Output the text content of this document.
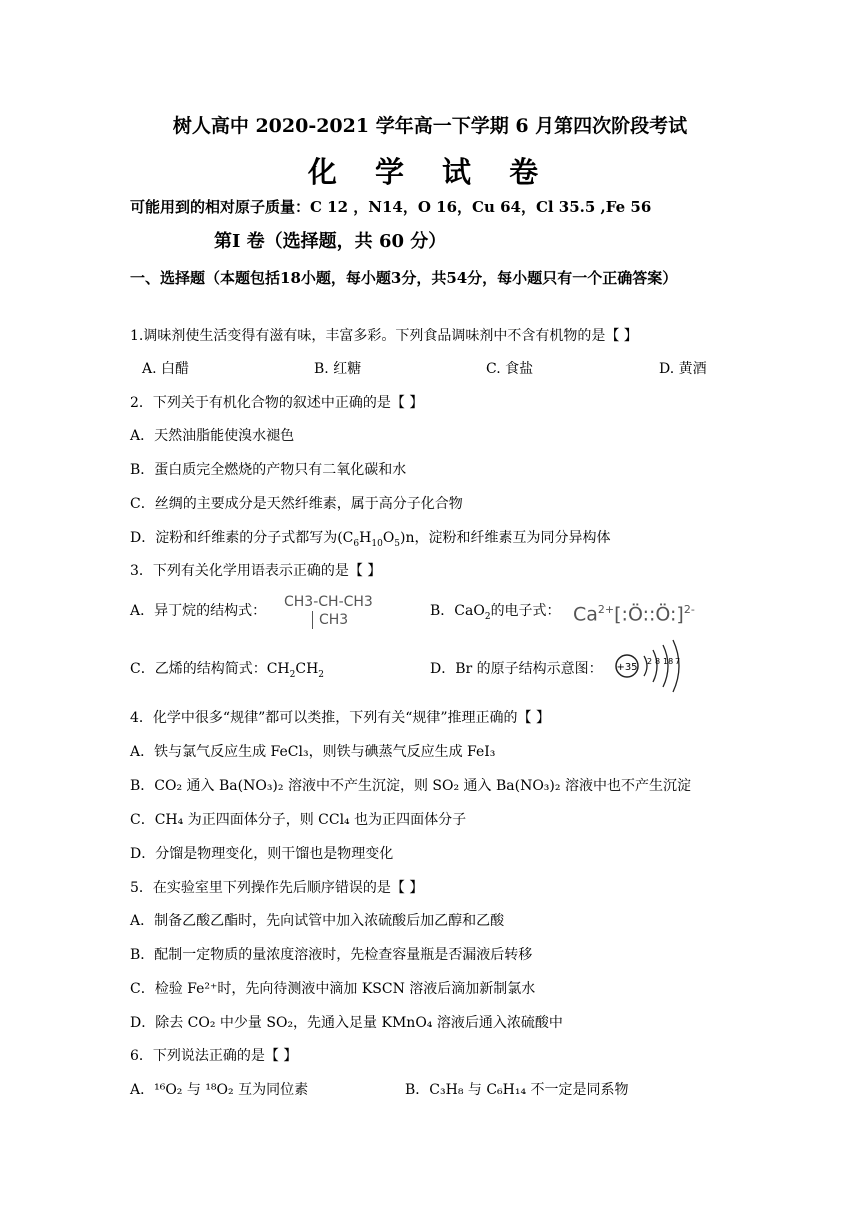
树人高中 2020-2021 学年高一下学期 6 月第四次阶段考试
化 学 试 卷
可能用到的相对原子质量：C 12 ，N14，O 16，Cu 64，Cl 35.5 ,Fe 56
第I 卷（选择题，共 60 分）
一、选择题（本题包括18小题，每小题3分，共54分，每小题只有一个正确答案）
1.调味剂使生活变得有滋有味，丰富多彩。下列食品调味剂中不含有机物的是【 】
A. 白醋	B. 红糖	C. 食盐	D. 黄酒
2．下列关于有机化合物的叙述中正确的是【 】
A．天然油脂能使溴水褪色
B．蛋白质完全燃烧的产物只有二氧化碳和水
C．丝绸的主要成分是天然纤维素，属于高分子化合物
D．淀粉和纤维素的分子式都写为$(C_6H_{10}O_5)n$，淀粉和纤维素互为同分异构体
3．下列有关化学用语表示正确的是【 】
A．异丁烷的结构式：
CH3-CH-CH3
CH3
B．CaO$_2$的电子式： $Ca^{2+}[:Ö::Ö:]^{2-}$
C．乙烯的结构简式：$CH_2CH_2$	D．Br 的原子结构示意图： +35
2 8 18 7
4．化学中很多“规律”都可以类推，下列有关“规律”推理正确的【 】
A．铁与氯气反应生成 FeCl₃，则铁与碘蒸气反应生成 FeI₃
B．CO₂ 通入 Ba(NO₃)₂ 溶液中不产生沉淀，则 SO₂ 通入 Ba(NO₃)₂ 溶液中也不产生沉淀
C．CH₄ 为正四面体分子，则 CCl₄ 也为正四面体分子
D．分馏是物理变化，则干馏也是物理变化
5．在实验室里下列操作先后顺序错误的是【 】
A．制备乙酸乙酯时，先向试管中加入浓硫酸后加乙醇和乙酸
B．配制一定物质的量浓度溶液时，先检查容量瓶是否漏液后转移
C．检验 Fe²⁺时，先向待测液中滴加 KSCN 溶液后滴加新制氯水
D．除去 CO₂ 中少量 SO₂，先通入足量 KMnO₄ 溶液后通入浓硫酸中
6．下列说法正确的是【 】
A．¹⁶O₂ 与 ¹⁸O₂ 互为同位素	B．C₃H₈ 与 C₆H₁₄ 不一定是同系物
